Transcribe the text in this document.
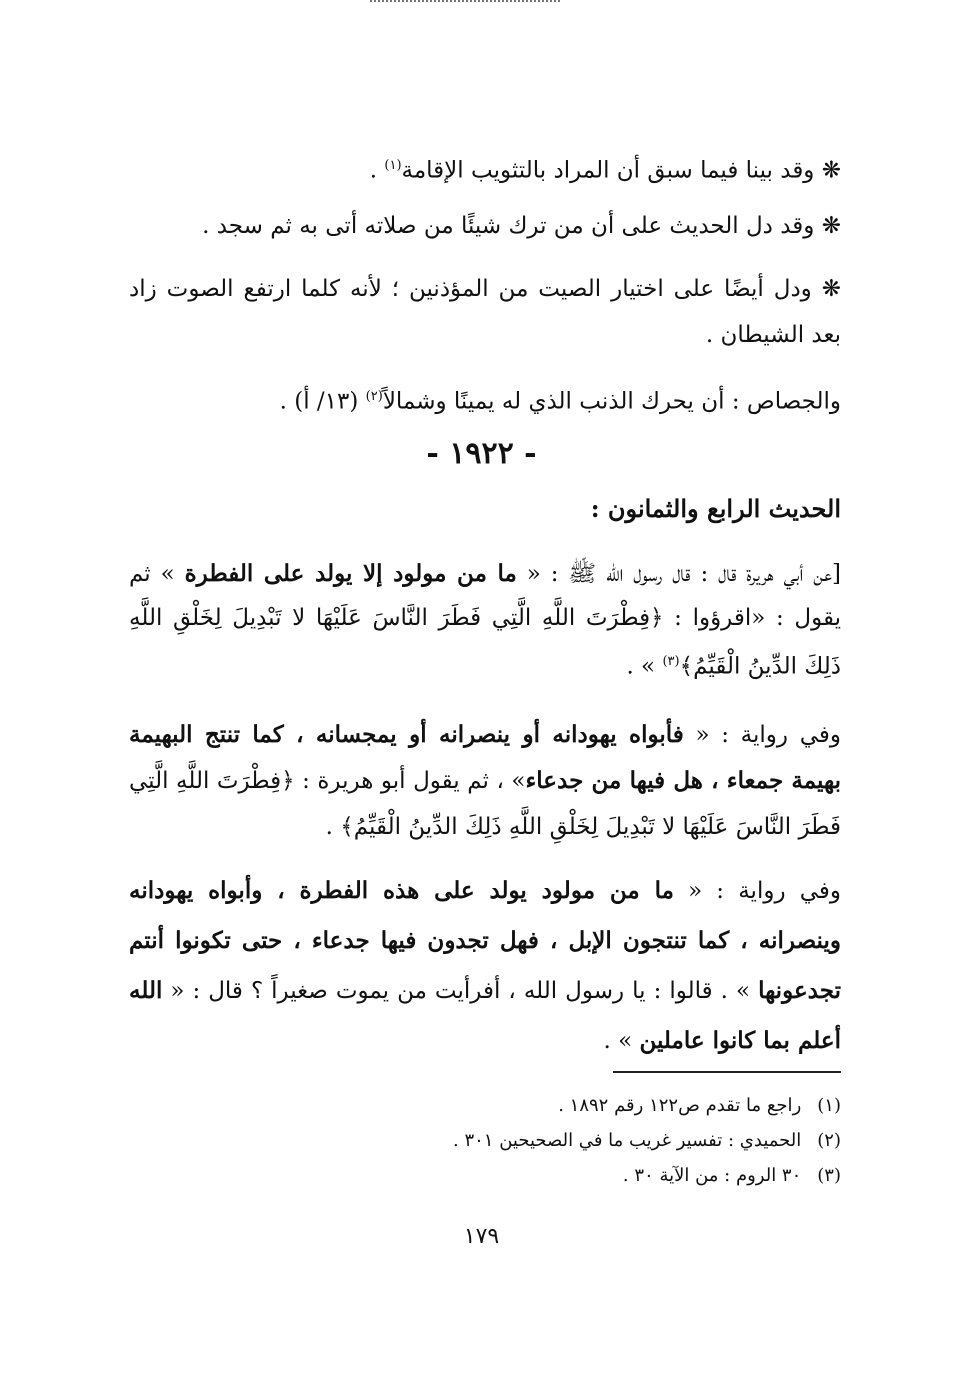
❋ وقد بينا فيما سبق أن المراد بالتثويب الإقامة$^{(١)}$ .
❋ وقد دل الحديث على أن من ترك شيئًا من صلاته أتى به ثم سجد .
❋ ودل أيضًا على اختيار الصيت من المؤذنين ؛ لأنه كلما ارتفع الصوت زاد بعد الشيطان .
والجصاص : أن يحرك الذنب الذي له يمينًا وشمالاً$^{(٢)}$ (١٣/ أ) .
- ١٩٢٢ -
الحديث الرابع والثمانون :
[عن أبي هريرة قال : قال رسول الله ﷺ : « ما من مولود إلا يولد على الفطرة » ثم يقول : «اقرؤوا : ﴿فِطْرَتَ اللَّهِ الَّتِي فَطَرَ النَّاسَ عَلَيْهَا لا تَبْدِيلَ لِخَلْقِ اللَّهِ ذَلِكَ الدِّينُ الْقَيِّمُ﴾$^{(٣)}$ » .
وفي رواية : « فأبواه يهودانه أو ينصرانه أو يمجسانه ، كما تنتج البهيمة بهيمة جمعاء ، هل فيها من جدعاء» ، ثم يقول أبو هريرة : ﴿فِطْرَتَ اللَّهِ الَّتِي فَطَرَ النَّاسَ عَلَيْهَا لا تَبْدِيلَ لِخَلْقِ اللَّهِ ذَلِكَ الدِّينُ الْقَيِّمُ﴾ .
وفي رواية : « ما من مولود يولد على هذه الفطرة ، وأبواه يهودانه وينصرانه ، كما تنتجون الإبل ، فهل تجدون فيها جدعاء ، حتى تكونوا أنتم تجدعونها » . قالوا : يا رسول الله ، أفرأيت من يموت صغيراً ؟ قال : « الله أعلم بما كانوا عاملين » .
(١) راجع ما تقدم ص١٢٢ رقم ١٨٩٢ .
(٢) الحميدي : تفسير غريب ما في الصحيحين ٣٠١ .
(٣) ٣٠ الروم : من الآية ٣٠ .
١٧٩
